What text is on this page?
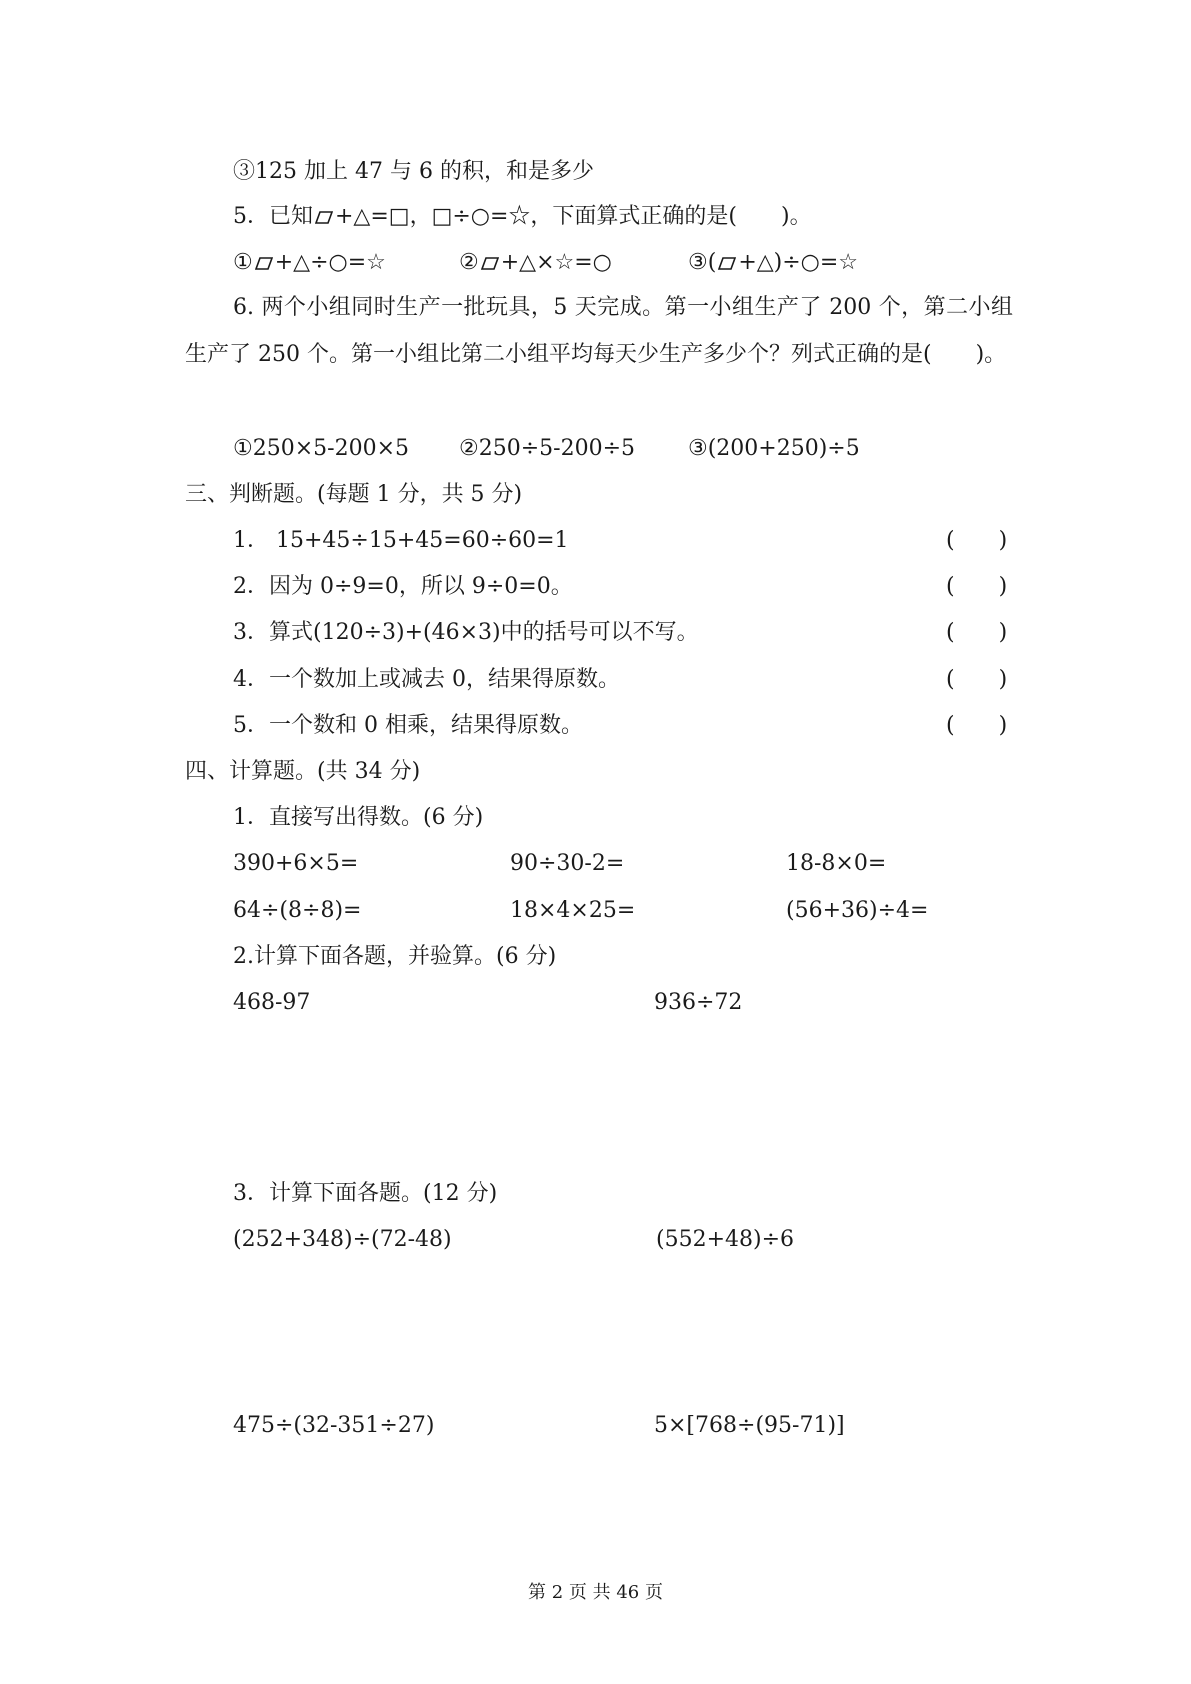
③125 加上 47 与 6 的积，和是多少
5．已知 +△=□，□÷○=☆，下面算式正确的是(　　)。
① +△÷○=☆	② +△×☆=○	③( +△)÷○=☆
6. 两个小组同时生产一批玩具，5 天完成。第一小组生产了 200 个，第二小组生产了 250 个。第一小组比第二小组平均每天少生产多少个？列式正确的是(　　)。
①250×5-200×5 ②250÷5-200÷5 ③(200+250)÷5
三、判断题。(每题 1 分，共 5 分)
1． 15+45÷15+45=60÷60=1	(　　)
2．因为 0÷9=0，所以 9÷0=0。	(　　)
3．算式(120÷3)+(46×3)中的括号可以不写。	(　　)
4．一个数加上或减去 0，结果得原数。	(　　)
5．一个数和 0 相乘，结果得原数。	(　　)
四、计算题。(共 34 分)
1．直接写出得数。(6 分)
390+6×5=	90÷30-2=	18-8×0=
64÷(8÷8)=	18×4×25=	(56+36)÷4=
2.计算下面各题，并验算。(6 分)
468-97	936÷72
3．计算下面各题。(12 分)
(252+348)÷(72-48)	(552+48)÷6
475÷(32-351÷27)	5×[768÷(95-71)]
第 2 页 共 46 页
